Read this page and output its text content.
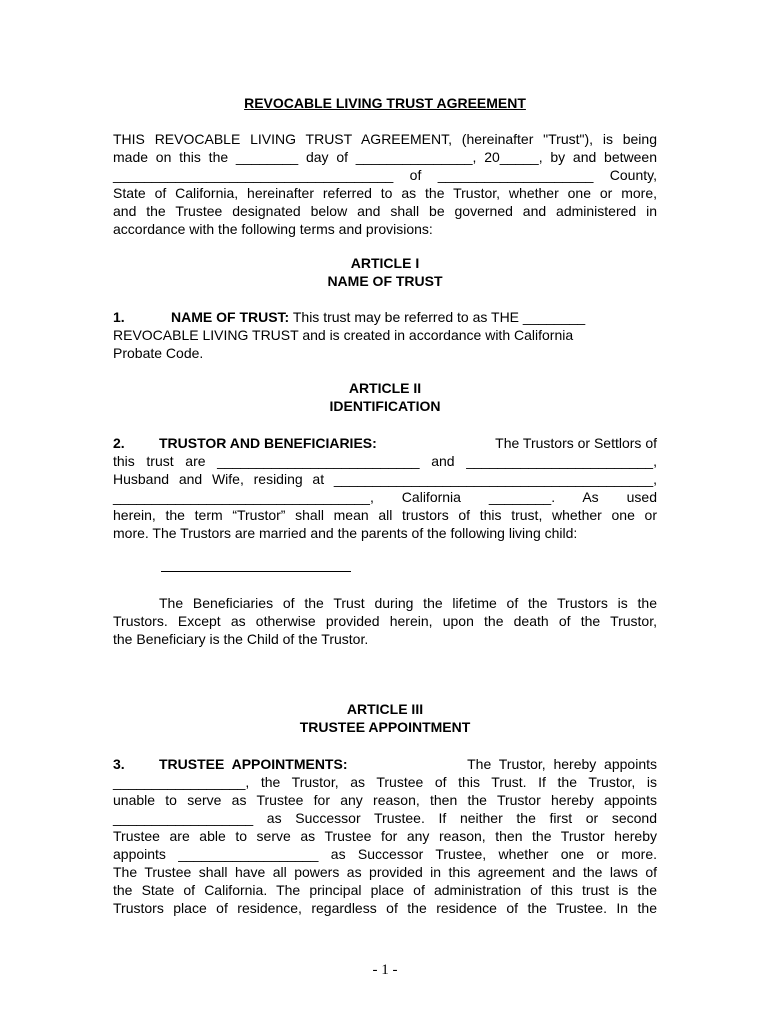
REVOCABLE LIVING TRUST AGREEMENT
THIS REVOCABLE LIVING TRUST AGREEMENT, (hereinafter "Trust"), is being
made on this the ________ day of _______________, 20_____, by and between
____________________________________ of ____________________ County,
State of California, hereinafter referred to as the Trustor, whether one or more,
and the Trustee designated below and shall be governed and administered in
accordance with the following terms and provisions:
ARTICLE I
NAME OF TRUST
1.	NAME OF TRUST: This trust may be referred to as THE ________
REVOCABLE LIVING TRUST and is created in accordance with California
Probate Code.
ARTICLE II
IDENTIFICATION
2. TRUSTOR AND BENEFICIARIES:	The Trustors or Settlors of
this trust are __________________________ and ________________________,
Husband and Wife, residing at _________________________________________,
_________________________________, California ________. As used
herein, the term “Trustor” shall mean all trustors of this trust, whether one or
more. The Trustors are married and the parents of the following living child:
The Beneficiaries of the Trust during the lifetime of the Trustors is the
Trustors. Except as otherwise provided herein, upon the death of the Trustor,
the Beneficiary is the Child of the Trustor.
ARTICLE III
TRUSTEE APPOINTMENT
3. TRUSTEE  APPOINTMENTS:	The  Trustor,  hereby  appoints
_________________, the Trustor, as Trustee of this Trust. If the Trustor, is
unable to serve as Trustee for any reason, then the Trustor hereby appoints
__________________ as Successor Trustee. If neither the first or second
Trustee are able to serve as Trustee for any reason, then the Trustor hereby
appoints __________________ as Successor Trustee, whether one or more.
The Trustee shall have all powers as provided in this agreement and the laws of
the State of California. The principal place of administration of this trust is the
Trustors place of residence, regardless of the residence of the Trustee. In the
- 1 -
